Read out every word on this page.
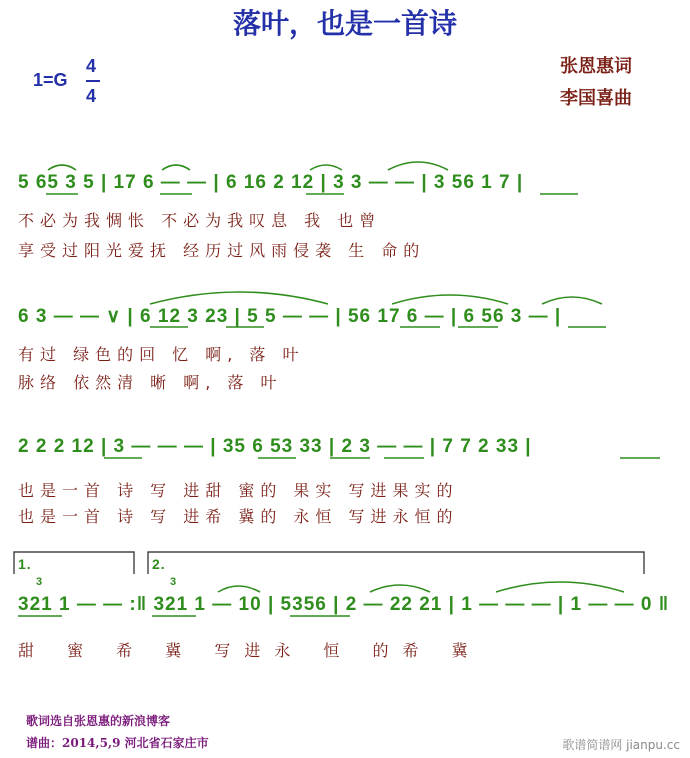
落叶，也是一首诗
1=G
4
4
张恩惠词
李国喜曲
5 65 3 5 | 17 6 — — | 6 16 2 12 | 3 3 — — | 3 56 1 7 |
不必为我惆怅 不必为我叹息 我 也曾
享受过阳光爱抚 经历过风雨侵袭 生 命的
6 3 — — ∨ | 6 12 3 23 | 5 5 — — | 56 17 6 — | 6 56 3 — |
有过 绿色的回 忆 啊, 落 叶
脉络 依然清 晰 啊, 落 叶
2 2 2 12 | 3 — — — | 35 6 53 33 | 2 3 — — | 7 7 2 33 |
也是一首 诗 写 进甜 蜜的 果实 写进果实的
也是一首 诗 写 进希 冀的 永恒 写进永恒的
1.	2.
3	3
321 1 — — :‖ 321 1 — 10 | 5356 | 2 — 22 21 | 1 — — — | 1 — — 0 ‖
甜 蜜 希 冀 写进永 恒 的希 冀
歌词选自张恩惠的新浪博客
谱曲：2014,5,9 河北省石家庄市	歌谱简谱网 jianpu.cc
